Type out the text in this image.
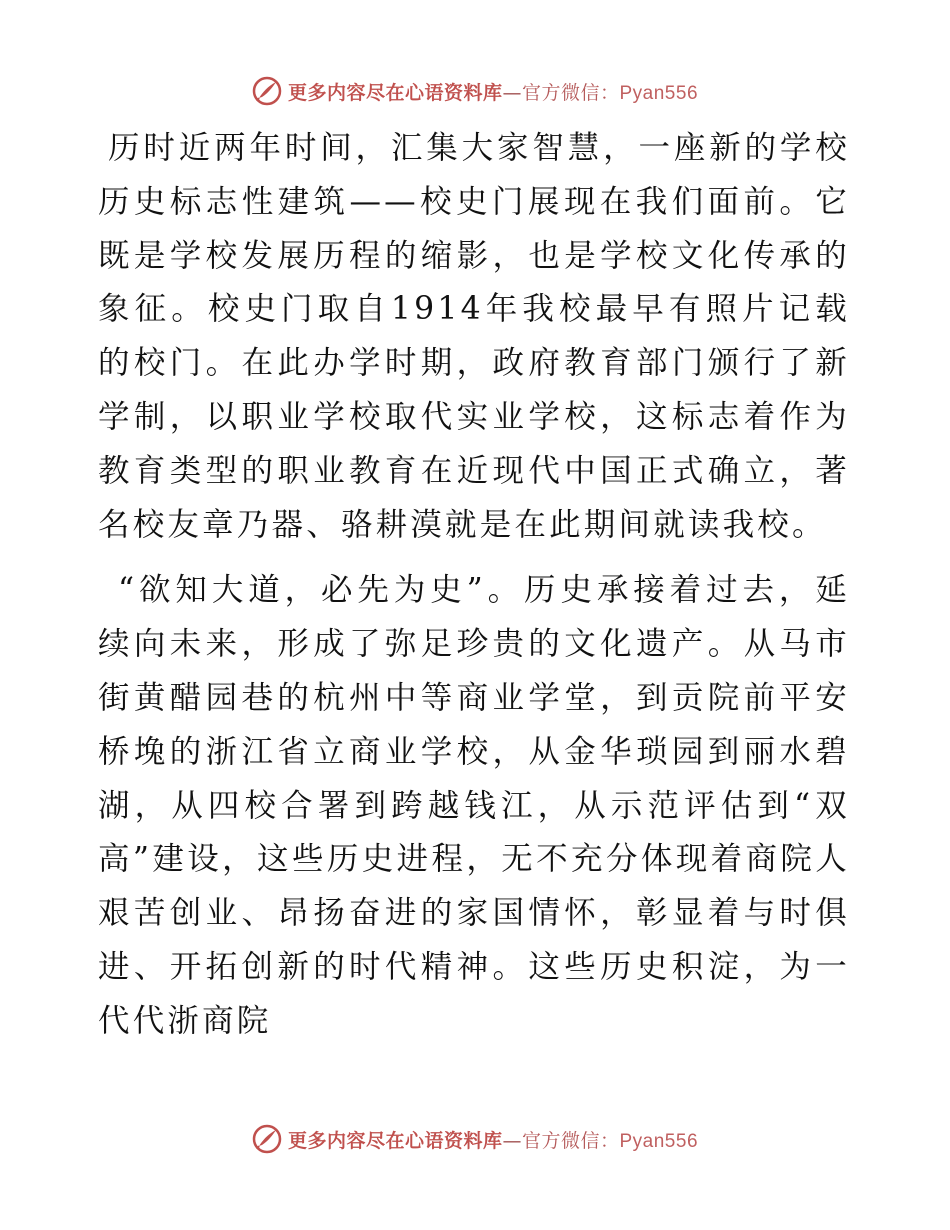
更多内容尽在心语资料库—官方微信：Pyan556

历时近两年时间，汇集大家智慧，一座新的学校历史标志性建筑——校史门展现在我们面前。它既是学校发展历程的缩影，也是学校文化传承的象征。校史门取自1914年我校最早有照片记载的校门。在此办学时期，政府教育部门颁行了新学制，以职业学校取代实业学校，这标志着作为教育类型的职业教育在近现代中国正式确立，著名校友章乃器、骆耕漠就是在此期间就读我校。

“欲知大道，必先为史”。历史承接着过去，延续向未来，形成了弥足珍贵的文化遗产。从马市街黄醋园巷的杭州中等商业学堂，到贡院前平安桥堍的浙江省立商业学校，从金华琐园到丽水碧湖，从四校合署到跨越钱江，从示范评估到“双高”建设，这些历史进程，无不充分体现着商院人艰苦创业、昂扬奋进的家国情怀，彰显着与时俱进、开拓创新的时代精神。这些历史积淀，为一代代浙商院

更多内容尽在心语资料库—官方微信：Pyan556
